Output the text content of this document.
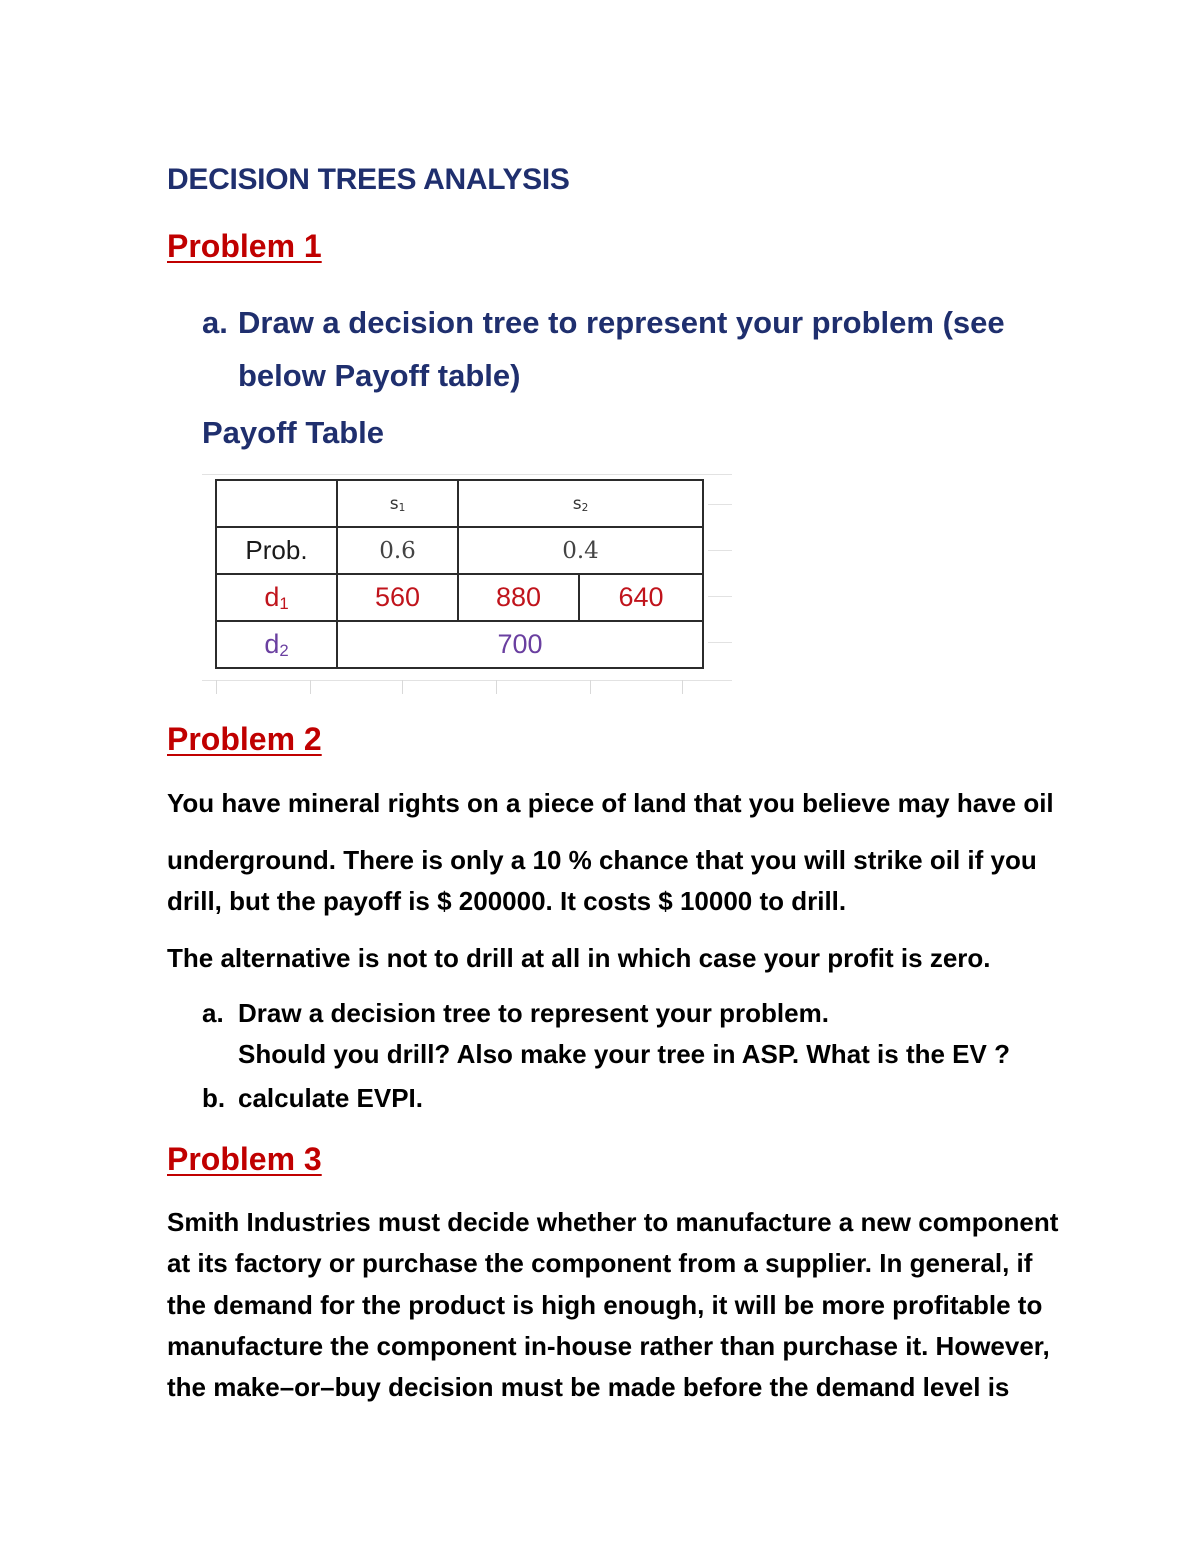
DECISION TREES ANALYSIS
Problem 1
a. Draw a decision tree to represent your problem (see
below Payoff table)
Payoff Table
	s1	s2	
Prob.	0.6	0.4	
d1	560	880	640
d2	700		
Problem 2
You have mineral rights on a piece of land that you believe may have oil
underground. There is only a 10 % chance that you will strike oil if you
drill, but the payoff is $ 200000. It costs $ 10000 to drill.
The alternative is not to drill at all in which case your profit is zero.
a. Draw a decision tree to represent your problem.
Should you drill? Also make your tree in ASP. What is the EV ?
b. calculate EVPI.
Problem 3
Smith Industries must decide whether to manufacture a new component
at its factory or purchase the component from a supplier. In general, if
the demand for the product is high enough, it will be more profitable to
manufacture the component in-house rather than purchase it. However,
the make–or–buy decision must be made before the demand level is
